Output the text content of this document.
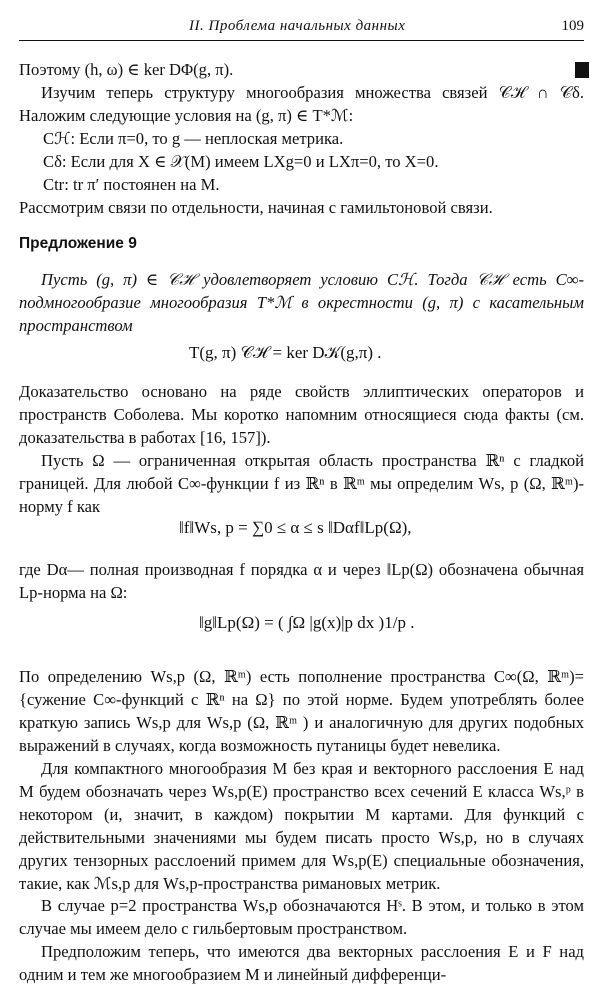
II. Проблема начальных данных	109

Поэтому (h, ω) ∈ ker DΦ(g, π).

Изучим теперь структуру многообразия множества связей 𝒞ℋ ∩ 𝒞δ. Наложим следующие условия на (g, π) ∈ T*ℳ:

Cℋ: Если π=0, то g — неплоская метрика.

Cδ: Если для X ∈ 𝒳(M) имеем LXg=0 и LXπ=0, то X=0.

Ctr: tr π′ постоянен на M.

Рассмотрим связи по отдельности, начиная с гамильтоновой связи.

Предложение 9

Пусть (g, π) ∈ 𝒞ℋ удовлетворяет условию Cℋ. Тогда 𝒞ℋ есть C∞-подмногообразие многообразия T*ℳ в окрестности (g, π) с касательным пространством

T(g, π) 𝒞ℋ = ker D𝒦(g,π) .

Доказательство основано на ряде свойств эллиптических операторов и пространств Соболева. Мы коротко напомним относящиеся сюда факты (см. доказательства в работах [16, 157]).

Пусть Ω — ограниченная открытая область пространства ℝⁿ с гладкой границей. Для любой C∞-функции f из ℝⁿ в ℝᵐ мы определим Ws, p (Ω, ℝᵐ)-норму f как

‖f‖Ws, p = ∑0 ≤ α ≤ s ‖Dαf‖Lp(Ω),

где Dα— полная производная f порядка α и через ‖Lp(Ω) обозначена обычная Lp-норма на Ω:

‖g‖Lp(Ω) = ( ∫Ω |g(x)|p dx )1/p .

По определению Ws,p (Ω, ℝᵐ) есть пополнение пространства C∞(Ω, ℝᵐ)={сужение C∞-функций с ℝⁿ на Ω} по этой норме. Будем употреблять более краткую запись Ws,p для Ws,p (Ω, ℝᵐ ) и аналогичную для других подобных выражений в случаях, когда возможность путаницы будет невелика.

Для компактного многообразия M без края и векторного расслоения E над M будем обозначать через Ws,p(E) пространство всех сечений E класса Ws,ᵖ в некотором (и, значит, в каждом) покрытии M картами. Для функций с действительными значениями мы будем писать просто Ws,p, но в случаях других тензорных расслоений примем для Ws,p(E) специальные обозначения, такие, как ℳs,p для Ws,p-пространства римановых метрик.

В случае p=2 пространства Ws,p обозначаются Hˢ. В этом, и только в этом случае мы имеем дело с гильбертовым пространством.

Предположим теперь, что имеются два векторных расслоения E и F над одним и тем же многообразием M и линейный дифференци-
